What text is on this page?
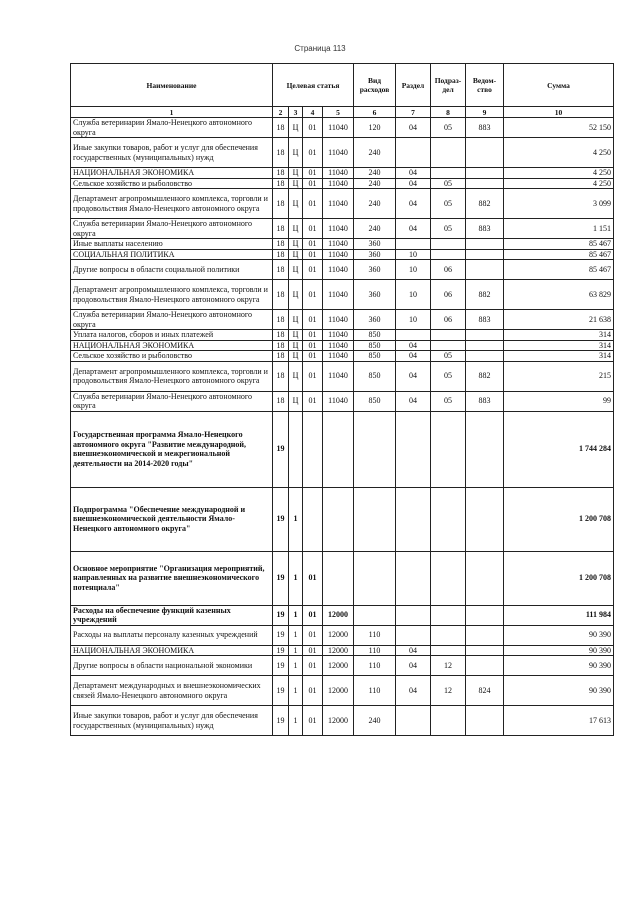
Страница 113
Наименование	Целевая статья				Вид расходов	Раздел	Подраз-дел	Ведом-ство	Сумма
1	2	3	4	5	6	7	8	9	10
Служба ветеринарии Ямало-Ненецкого автономного округа	18	Ц	01	11040	120	04	05	883	52 150
Иные закупки товаров, работ и услуг для обеспечения государственных (муниципальных) нужд	18	Ц	01	11040	240				4 250
НАЦИОНАЛЬНАЯ ЭКОНОМИКА	18	Ц	01	11040	240	04			4 250
Сельское хозяйство и рыболовство	18	Ц	01	11040	240	04	05		4 250
Департамент агропромышленного комплекса, торговли и продовольствия Ямало-Ненецкого автономного округа	18	Ц	01	11040	240	04	05	882	3 099
Служба ветеринарии Ямало-Ненецкого автономного округа	18	Ц	01	11040	240	04	05	883	1 151
Иные выплаты населению	18	Ц	01	11040	360				85 467
СОЦИАЛЬНАЯ ПОЛИТИКА	18	Ц	01	11040	360	10			85 467
Другие вопросы в области социальной политики	18	Ц	01	11040	360	10	06		85 467
Департамент агропромышленного комплекса, торговли и продовольствия Ямало-Ненецкого автономного округа	18	Ц	01	11040	360	10	06	882	63 829
Служба ветеринарии Ямало-Ненецкого автономного округа	18	Ц	01	11040	360	10	06	883	21 638
Уплата налогов, сборов и иных платежей	18	Ц	01	11040	850				314
НАЦИОНАЛЬНАЯ ЭКОНОМИКА	18	Ц	01	11040	850	04			314
Сельское хозяйство и рыболовство	18	Ц	01	11040	850	04	05		314
Департамент агропромышленного комплекса, торговли и продовольствия Ямало-Ненецкого автономного округа	18	Ц	01	11040	850	04	05	882	215
Служба ветеринарии Ямало-Ненецкого автономного округа	18	Ц	01	11040	850	04	05	883	99
Государственная программа Ямало-Ненецкого автономного округа "Развитие международной, внешнеэкономической и межрегиональной деятельности на 2014-2020 годы"	19								1 744 284
Подпрограмма "Обеспечение международной и внешнеэкономической деятельности Ямало-Ненецкого автономного округа"	19	1							1 200 708
Основное мероприятие "Организация мероприятий, направленных на развитие внешнеэкономического потенциала"	19	1	01						1 200 708
Расходы на обеспечение функций казенных учреждений	19	1	01	12000					111 984
Расходы на выплаты персоналу казенных учреждений	19	1	01	12000	110				90 390
НАЦИОНАЛЬНАЯ ЭКОНОМИКА	19	1	01	12000	110	04			90 390
Другие вопросы в области национальной экономики	19	1	01	12000	110	04	12		90 390
Департамент международных и внешнеэкономических связей Ямало-Ненецкого автономного округа	19	1	01	12000	110	04	12	824	90 390
Иные закупки товаров, работ и услуг для обеспечения государственных (муниципальных) нужд	19	1	01	12000	240				17 613
